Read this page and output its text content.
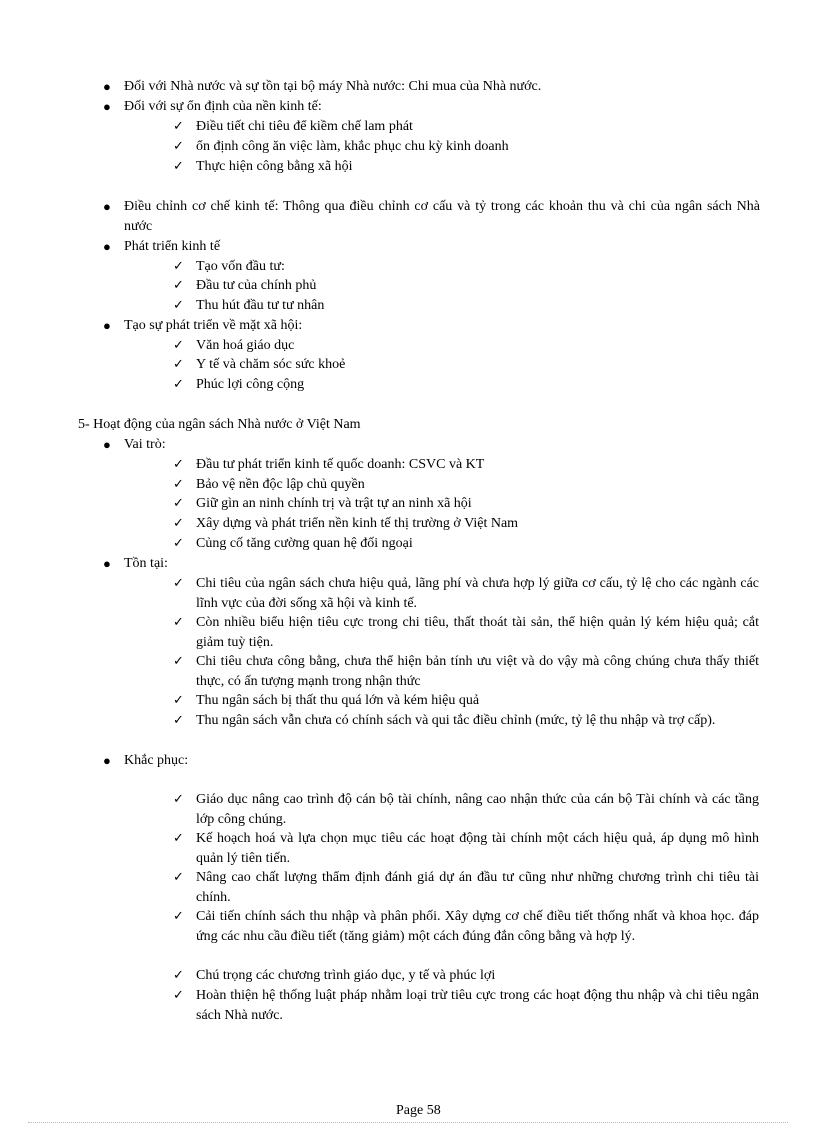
● Đối với Nhà nước và sự tồn tại bộ máy Nhà nước: Chi mua của Nhà nước.
● Đối với sự ổn định của nền kinh tế:
✓ Điều tiết chi tiêu để kiềm chế lam phát
✓ ổn định công ăn việc làm, khắc phục chu kỳ kinh doanh
✓ Thực hiện công bằng xã hội
● Điều chỉnh cơ chế kinh tế: Thông qua điều chỉnh cơ cấu và tỷ trong các khoản thu và chi của ngân sách Nhà nước
● Phát triển kinh tế
✓ Tạo vốn đầu tư:
✓ Đầu tư của chính phủ
✓ Thu hút đầu tư tư nhân
● Tạo sự phát triển về mặt xã hội:
✓ Văn hoá giáo dục
✓ Y tế và chăm sóc sức khoẻ
✓ Phúc lợi công cộng
5- Hoạt động của ngân sách Nhà nước ở Việt Nam
● Vai trò:
✓ Đầu tư phát triển kinh tế quốc doanh: CSVC và KT
✓ Bảo vệ nền độc lập chủ quyền
✓ Giữ gìn an ninh chính trị và trật tự an ninh xã hội
✓ Xây dựng và phát triển nền kinh tế thị trường ở Việt Nam
✓ Củng cố tăng cường quan hệ đối ngoại
● Tồn tại:
✓ Chi tiêu của ngân sách chưa hiệu quả, lãng phí và chưa hợp lý giữa cơ cấu, tỷ lệ cho các ngành các lĩnh vực của đời sống xã hội và kinh tế.
✓ Còn nhiều biểu hiện tiêu cực trong chi tiêu, thất thoát tài sản, thể hiện quản lý kém hiệu quả; cắt giảm tuỳ tiện.
✓ Chi tiêu chưa công bằng, chưa thể hiện bản tính ưu việt và do vậy mà công chúng chưa thấy thiết thực, có ấn tượng mạnh trong nhận thức
✓ Thu ngân sách bị thất thu quá lớn và kém hiệu quả
✓ Thu ngân sách vẫn chưa có chính sách và qui tắc điều chỉnh (mức, tỷ lệ thu nhập và trợ cấp).
● Khắc phục:
✓ Giáo dục nâng cao trình độ cán bộ tài chính, nâng cao nhận thức của cán bộ Tài chính và các tầng lớp công chúng.
✓ Kế hoạch hoá và lựa chọn mục tiêu các hoạt động tài chính một cách hiệu quả, áp dụng mô hình quản lý tiên tiến.
✓ Nâng cao chất lượng thẩm định đánh giá dự án đầu tư cũng như những chương trình chi tiêu tài chính.
✓ Cải tiến chính sách thu nhập và phân phối. Xây dựng cơ chế điều tiết thống nhất và khoa học. đáp ứng các nhu cầu điều tiết (tăng giảm) một cách đúng đắn công bằng và hợp lý.
✓ Chú trọng các chương trình giáo dục, y tế và phúc lợi
✓ Hoàn thiện hệ thống luật pháp nhằm loại trừ tiêu cực trong các hoạt động thu nhập và chi tiêu ngân sách Nhà nước.
Page 58
